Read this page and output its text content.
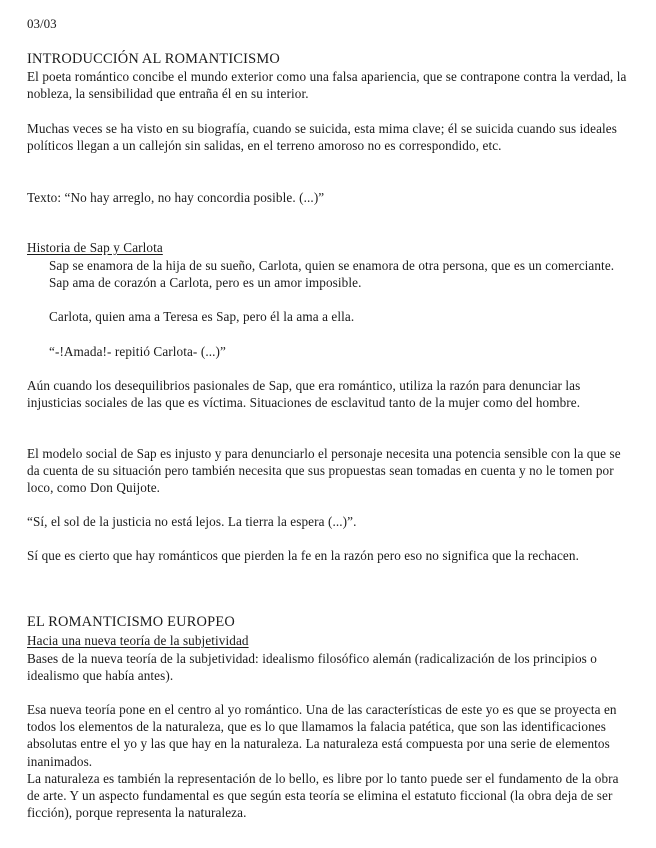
03/03

INTRODUCCIÓN AL ROMANTICISMO

El poeta romántico concibe el mundo exterior como una falsa apariencia, que se contrapone contra la verdad, la nobleza, la sensibilidad que entraña él en su interior.

Muchas veces se ha visto en su biografía, cuando se suicida, esta mima clave; él se suicida cuando sus ideales políticos llegan a un callejón sin salidas, en el terreno amoroso no es correspondido, etc.

Texto: “No hay arreglo, no hay concordia posible. (...)”

Historia de Sap y Carlota

Sap se enamora de la hija de su sueño, Carlota, quien se enamora de otra persona, que es un comerciante. Sap ama de corazón a Carlota, pero es un amor imposible.

Carlota, quien ama a Teresa es Sap, pero él la ama a ella.

“-!Amada!- repitió Carlota- (...)”

Aún cuando los desequilibrios pasionales de Sap, que era romántico, utiliza la razón para denunciar las injusticias sociales de las que es víctima. Situaciones de esclavitud tanto de la mujer como del hombre.

El modelo social de Sap es injusto y para denunciarlo el personaje necesita una potencia sensible con la que se da cuenta de su situación pero también necesita que sus propuestas sean tomadas en cuenta y no le tomen por loco, como Don Quijote.

“Sí, el sol de la justicia no está lejos. La tierra la espera (...)”.

Sí que es cierto que hay románticos que pierden la fe en la razón pero eso no significa que la rechacen.

EL ROMANTICISMO EUROPEO

Hacia una nueva teoría de la subjetividad

Bases de la nueva teoría de la subjetividad: idealismo filosófico alemán (radicalización de los principios o idealismo que había antes).

Esa nueva teoría pone en el centro al yo romántico. Una de las características de este yo es que se proyecta en todos los elementos de la naturaleza, que es lo que llamamos la falacia patética, que son las identificaciones absolutas entre el yo y las que hay en la naturaleza. La naturaleza está compuesta por una serie de elementos inanimados.

La naturaleza es también la representación de lo bello, es libre por lo tanto puede ser el fundamento de la obra de arte. Y un aspecto fundamental es que según esta teoría se elimina el estatuto ficcional (la obra deja de ser ficción), porque representa la naturaleza.
